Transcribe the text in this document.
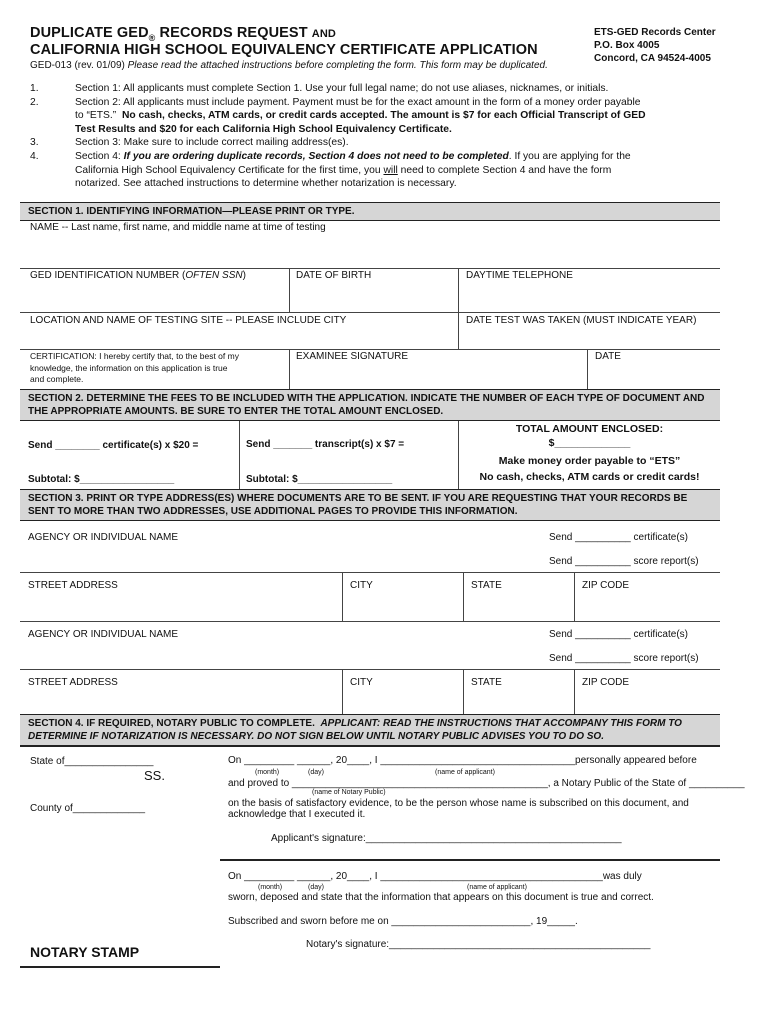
DUPLICATE $GED_®$ RECORDS REQUEST AND
CALIFORNIA HIGH SCHOOL EQUIVALENCY CERTIFICATE APPLICATION
GED-013 (rev. 01/09) Please read the attached instructions before completing the form. This form may be duplicated.
ETS-GED Records Center
P.O. Box 4005
Concord, CA 94524-4005
1.	Section 1: All applicants must complete Section 1. Use your full legal name; do not use aliases, nicknames, or initials.
2.	Section 2: All applicants must include payment. Payment must be for the exact amount in the form of a money order payable
to “ETS.” No cash, checks, ATM cards, or credit cards accepted. The amount is $7 for each Official Transcript of GED
Test Results and $20 for each California High School Equivalency Certificate.
3.	Section 3: Make sure to include correct mailing address(es).
4.	Section 4: If you are ordering duplicate records, Section 4 does not need to be completed. If you are applying for the
California High School Equivalency Certificate for the first time, you will need to complete Section 4 and have the form
notarized. See attached instructions to determine whether notarization is necessary.
SECTION 1. IDENTIFYING INFORMATION—PLEASE PRINT OR TYPE.
NAME -- Last name, first name, and middle name at time of testing
GED IDENTIFICATION NUMBER (OFTEN SSN)	DATE OF BIRTH	DAYTIME TELEPHONE
LOCATION AND NAME OF TESTING SITE -- PLEASE INCLUDE CITY	DATE TEST WAS TAKEN (MUST INDICATE YEAR)
CERTIFICATION: I hereby certify that, to the best of my
knowledge, the information on this application is true
and complete.
EXAMINEE SIGNATURE	DATE
SECTION 2. DETERMINE THE FEES TO BE INCLUDED WITH THE APPLICATION. INDICATE THE NUMBER OF EACH TYPE OF DOCUMENT AND
THE APPROPRIATE AMOUNTS. BE SURE TO ENTER THE TOTAL AMOUNT ENCLOSED.
Send ________ certificate(s) x $20 =	Send _______ transcript(s) x $7 =
Subtotal: $_________________	Subtotal: $_________________
TOTAL AMOUNT ENCLOSED:
$_____________
Make money order payable to “ETS”
No cash, checks, ATM cards or credit cards!
SECTION 3. PRINT OR TYPE ADDRESS(ES) WHERE DOCUMENTS ARE TO BE SENT. IF YOU ARE REQUESTING THAT YOUR RECORDS BE
SENT TO MORE THAN TWO ADDRESSES, USE ADDITIONAL PAGES TO PROVIDE THIS INFORMATION.
AGENCY OR INDIVIDUAL NAME	Send __________ certificate(s)
Send __________ score report(s)
STREET ADDRESS	CITY	STATE	ZIP CODE
AGENCY OR INDIVIDUAL NAME	Send __________ certificate(s)
Send __________ score report(s)
STREET ADDRESS	CITY	STATE	ZIP CODE
SECTION 4. IF REQUIRED, NOTARY PUBLIC TO COMPLETE. APPLICANT: READ THE INSTRUCTIONS THAT ACCOMPANY THIS FORM TO
DETERMINE IF NOTARIZATION IS NECESSARY. DO NOT SIGN BELOW UNTIL NOTARY PUBLIC ADVISES YOU TO DO SO.
State of________________
SS.
County of_____________
On _________ ______, 20____, I ___________________________________personally appeared before
(month)	(day)	(name of applicant)
and proved to ______________________________________________, a Notary Public of the State of __________
(name of Notary Public)
on the basis of satisfactory evidence, to be the person whose name is subscribed on this document, and
acknowledge that I executed it.
Applicant's signature:______________________________________________
On _________ ______, 20____, I ________________________________________was duly
(month)	(day)	(name of applicant)
sworn, deposed and state that the information that appears on this document is true and correct.
Subscribed and sworn before me on _________________________, 19_____.
Notary's signature:_______________________________________________
NOTARY STAMP
